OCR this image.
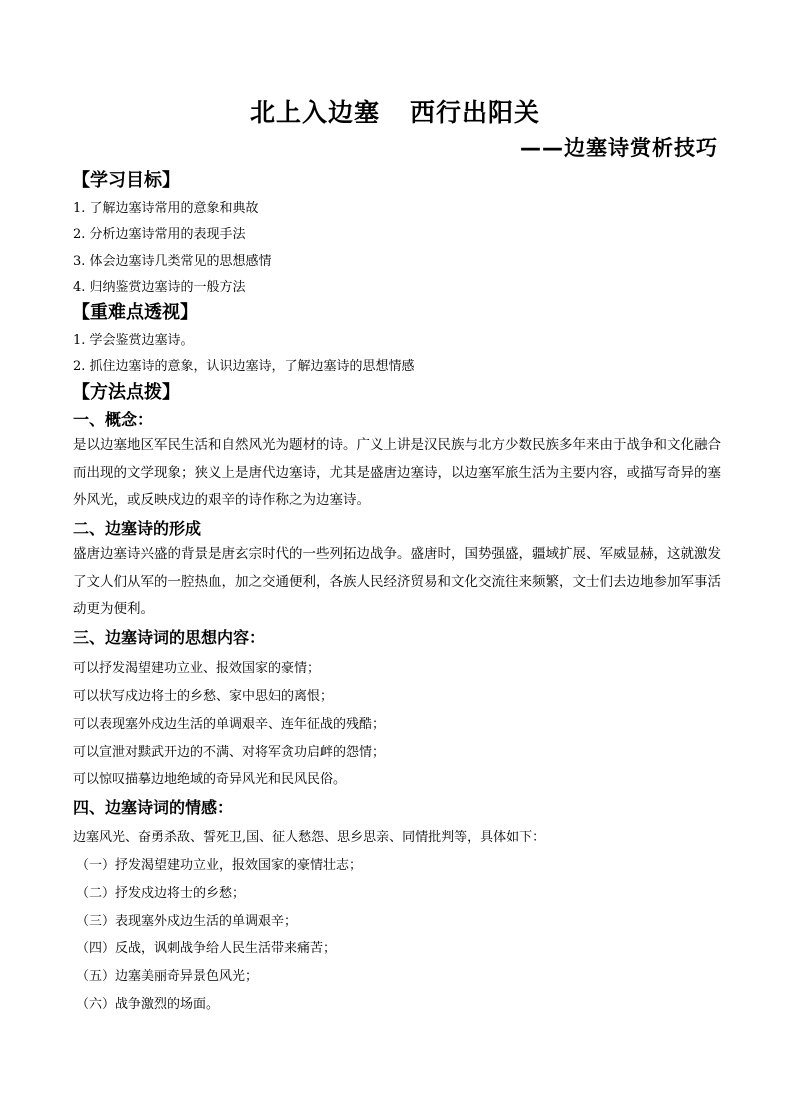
北上入边塞 西行出阳关
——边塞诗赏析技巧
【学习目标】
1. 了解边塞诗常用的意象和典故
2. 分析边塞诗常用的表现手法
3. 体会边塞诗几类常见的思想感情
4. 归纳鉴赏边塞诗的一般方法
【重难点透视】
1. 学会鉴赏边塞诗。
2. 抓住边塞诗的意象，认识边塞诗，了解边塞诗的思想情感
【方法点拨】
一、概念：
是以边塞地区军民生活和自然风光为题材的诗。广义上讲是汉民族与北方少数民族多年来由于战争和文化融合而出现的文学现象；狭义上是唐代边塞诗，尤其是盛唐边塞诗，以边塞军旅生活为主要内容，或描写奇异的塞外风光，或反映戍边的艰辛的诗作称之为边塞诗。
二、边塞诗的形成
盛唐边塞诗兴盛的背景是唐玄宗时代的一些列拓边战争。盛唐时，国势强盛，疆域扩展、军威显赫，这就激发了文人们从军的一腔热血，加之交通便利，各族人民经济贸易和文化交流往来频繁，文士们去边地参加军事活动更为便利。
三、边塞诗词的思想内容：
可以抒发渴望建功立业、报效国家的豪情；
可以状写戍边将士的乡愁、家中思妇的离恨；
可以表现塞外戍边生活的单调艰辛、连年征战的残酷；
可以宣泄对黩武开边的不满、对将军贪功启衅的怨情；
可以惊叹描摹边地绝域的奇异风光和民风民俗。
四、边塞诗词的情感：
边塞风光、奋勇杀敌、誓死卫,国、征人愁怨、思乡思亲、同情批判等，具体如下：
（一）抒发渴望建功立业，报效国家的豪情壮志；
（二）抒发戍边将士的乡愁；
（三）表现塞外戍边生活的单调艰辛；
（四）反战，讽刺战争给人民生活带来痛苦；
（五）边塞美丽奇异景色风光；
（六）战争激烈的场面。
